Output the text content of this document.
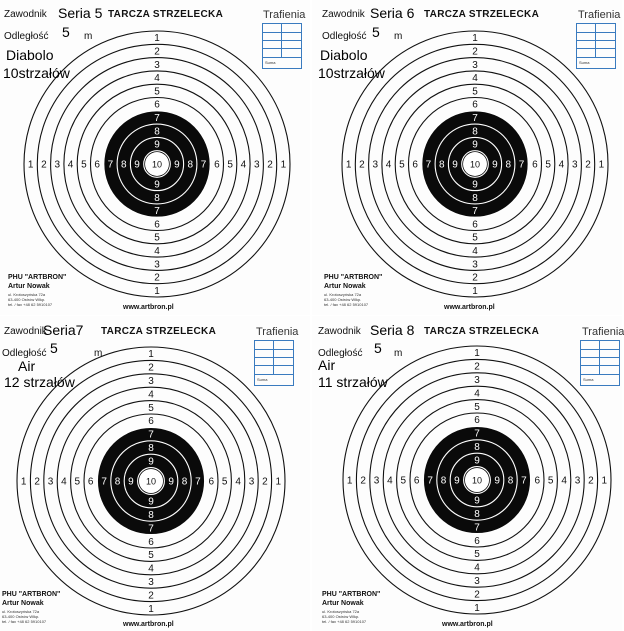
1
1
1	1
2
2
2	2
3
3
3	3
4
4
4	4
5
5
5	5
6
6
6	6
7
7
7	7
8
8
8	8
9
9
9	9
10
Zawodnik Seria 5 TARCZA STRZELECKA
Odległość 5 m
Diabolo
10strzałów
Trafienia
Suma
PHU "ARTBRON"
Artur Nowak
ul. Krotoszyńska 72a
63-400 Ostrów Wlkp.
tel. / fax +48 62 5910107	www.artbron.pl
1
1
1	1
2
2
2	2
3
3
3	3
4
4
4	4
5
5
5	5
6
6
6	6
7
7
7	7
8
8
8	8
9
9
9	9
10
Zawodnik Seria 6 TARCZA STRZELECKA
Odległość 5 m
Diabolo
10strzałów
Trafienia
Suma
PHU "ARTBRON"
Artur Nowak
ul. Krotoszyńska 72a
63-400 Ostrów Wlkp.
tel. / fax +48 62 5910107	www.artbron.pl
1
1
1	1
2
2
2	2
3
3
3	3
4
4
4	4
5
5
5	5
6
6
6	6
7
7
7	7
8
8
8	8
9
9
9	9
10
Zawodnik
Seria7 TARCZA STRZELECKA
Odległość 5	m
Air
12 strzałów
Trafienia
Suma
PHU "ARTBRON"
Artur Nowak
ul. Krotoszyńska 72a
63-400 Ostrów Wlkp.
tel. / fax +48 62 5910107	www.artbron.pl
1
1
1	1
2
2
2	2
3
3
3	3
4
4
4	4
5
5
5	5
6
6
6	6
7
7
7	7
8
8
8	8
9
9
9	9
10
Zawodnik Seria 8 TARCZA STRZELECKA
Odległość 5 m
Air
11 strzałów
Trafienia
Suma
PHU "ARTBRON"
Artur Nowak
ul. Krotoszyńska 72a
63-400 Ostrów Wlkp.
tel. / fax +48 62 5910107	www.artbron.pl
